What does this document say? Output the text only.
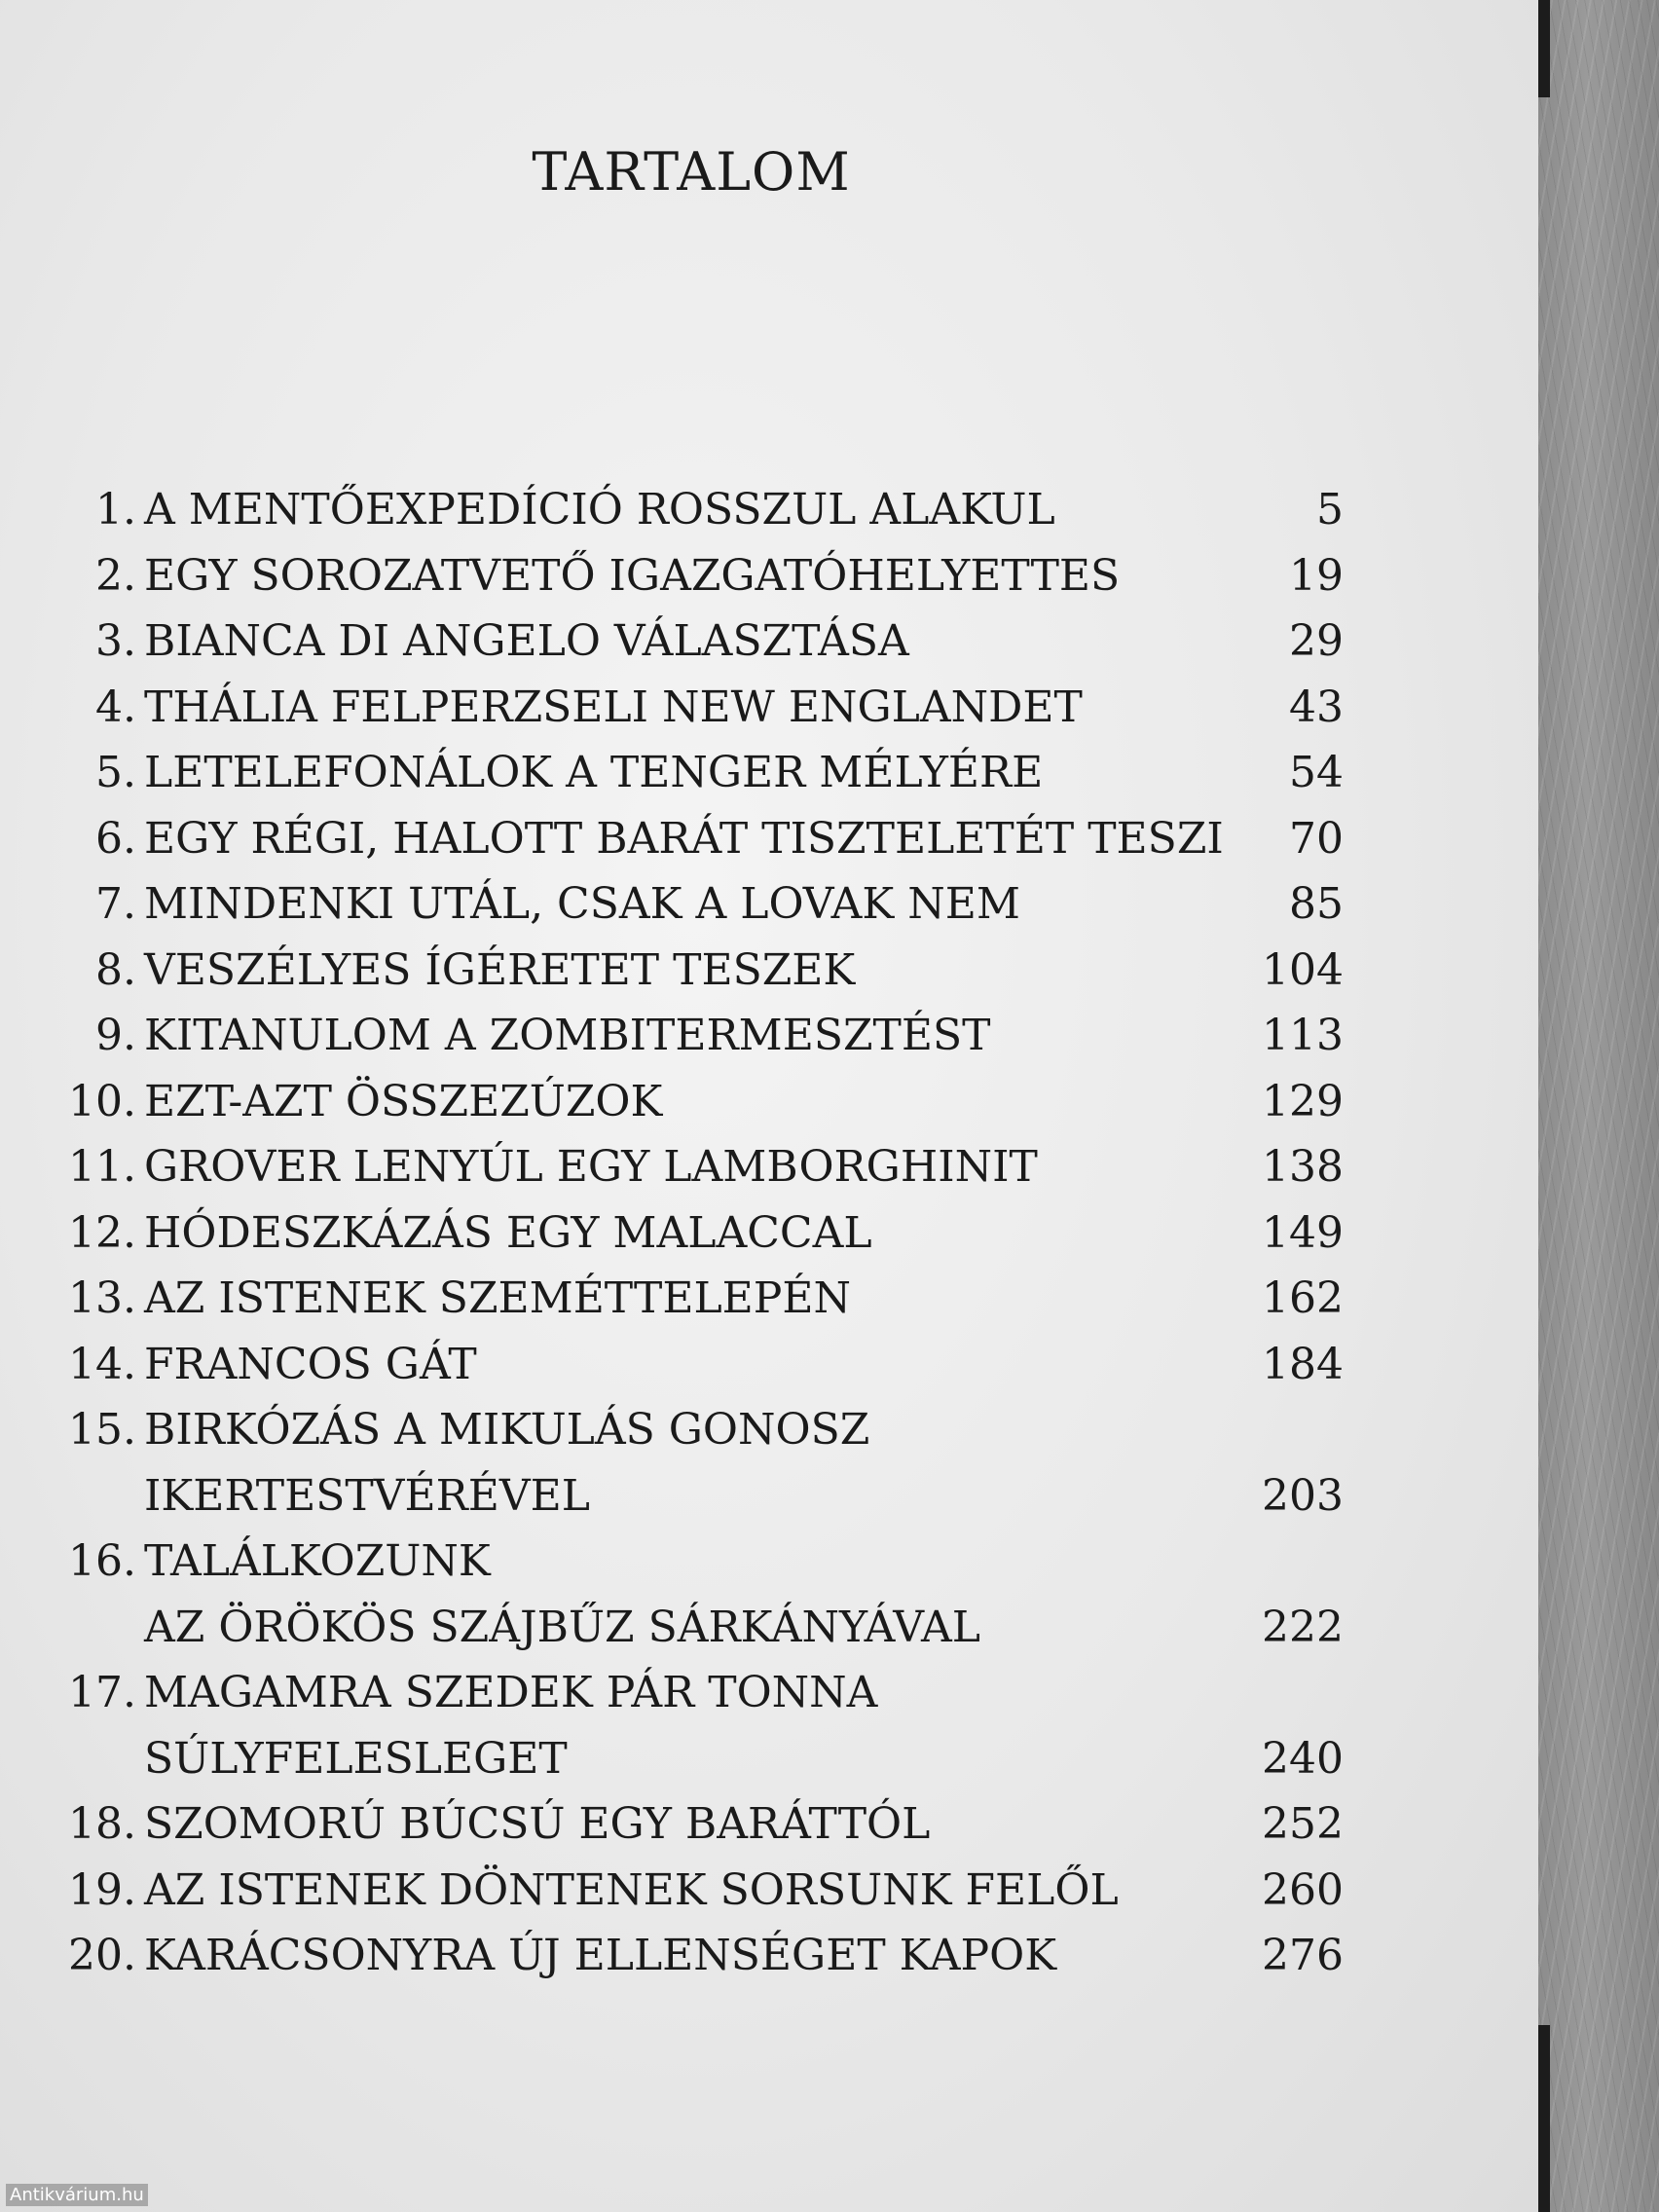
TARTALOM
1. A MENTŐEXPEDÍCIÓ ROSSZUL ALAKUL	5
2. EGY SOROZATVETŐ IGAZGATÓHELYETTES	19
3. BIANCA DI ANGELO VÁLASZTÁSA	29
4. THÁLIA FELPERZSELI NEW ENGLANDET	43
5. LETELEFONÁLOK A TENGER MÉLYÉRE	54
6. EGY RÉGI, HALOTT BARÁT TISZTELETÉT TESZI	70
7. MINDENKI UTÁL, CSAK A LOVAK NEM	85
8. VESZÉLYES ÍGÉRETET TESZEK	104
9. KITANULOM A ZOMBITERMESZTÉST	113
10. EZT-AZT ÖSSZEZÚZOK	129
11. GROVER LENYÚL EGY LAMBORGHINIT	138
12. HÓDESZKÁZÁS EGY MALACCAL	149
13. AZ ISTENEK SZEMÉTTELEPÉN	162
14. FRANCOS GÁT	184
15. BIRKÓZÁS A MIKULÁS GONOSZ
IKERTESTVÉRÉVEL	203
16. TALÁLKOZUNK
AZ ÖRÖKÖS SZÁJBŰZ SÁRKÁNYÁVAL	222
17. MAGAMRA SZEDEK PÁR TONNA
SÚLYFELESLEGET	240
18. SZOMORÚ BÚCSÚ EGY BARÁTTÓL	252
19. AZ ISTENEK DÖNTENEK SORSUNK FELŐL	260
20. KARÁCSONYRA ÚJ ELLENSÉGET KAPOK	276
Antikvárium.hu
